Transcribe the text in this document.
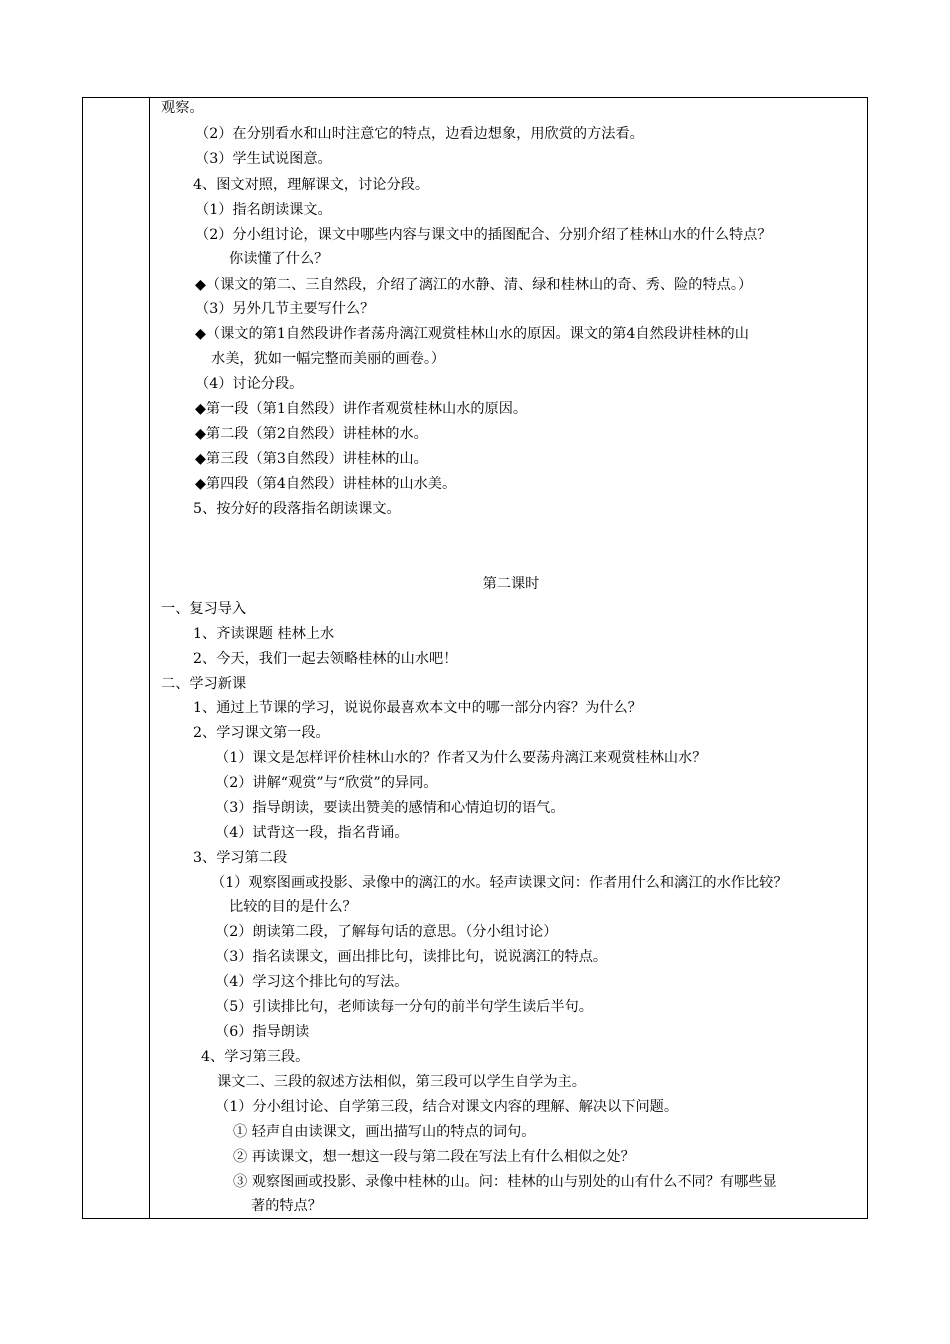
观察。
（2）在分别看水和山时注意它的特点，边看边想象，用欣赏的方法看。
（3）学生试说图意。
4、图文对照，理解课文，讨论分段。
（1）指名朗读课文。
（2）分小组讨论，课文中哪些内容与课文中的插图配合、分别介绍了桂林山水的什么特点？
你读懂了什么？
◆（课文的第二、三自然段，介绍了漓江的水静、清、绿和桂林山的奇、秀、险的特点。）
（3）另外几节主要写什么？
◆（课文的第1自然段讲作者荡舟漓江观赏桂林山水的原因。课文的第4自然段讲桂林的山
水美，犹如一幅完整而美丽的画卷。）
（4）讨论分段。
◆第一段（第1自然段）讲作者观赏桂林山水的原因。
◆第二段（第2自然段）讲桂林的水。
◆第三段（第3自然段）讲桂林的山。
◆第四段（第4自然段）讲桂林的山水美。
5、按分好的段落指名朗读课文。
第二课时
一、复习导入
1、齐读课题 桂林上水
2、今天，我们一起去领略桂林的山水吧！
二、学习新课
1、通过上节课的学习，说说你最喜欢本文中的哪一部分内容？为什么？
2、学习课文第一段。
（1）课文是怎样评价桂林山水的？作者又为什么要荡舟漓江来观赏桂林山水？
（2）讲解“观赏”与“欣赏”的异同。
（3）指导朗读，要读出赞美的感情和心情迫切的语气。
（4）试背这一段，指名背诵。
3、学习第二段
（1）观察图画或投影、录像中的漓江的水。轻声读课文问：作者用什么和漓江的水作比较？
比较的目的是什么？
（2）朗读第二段，了解每句话的意思。（分小组讨论）
（3）指名读课文，画出排比句，读排比句，说说漓江的特点。
（4）学习这个排比句的写法。
（5）引读排比句，老师读每一分句的前半句学生读后半句。
（6）指导朗读
4、学习第三段。
课文二、三段的叙述方法相似，第三段可以学生自学为主。
（1）分小组讨论、自学第三段，结合对课文内容的理解、解决以下问题。
① 轻声自由读课文，画出描写山的特点的词句。
② 再读课文，想一想这一段与第二段在写法上有什么相似之处？
③ 观察图画或投影、录像中桂林的山。问：桂林的山与别处的山有什么不同？有哪些显
著的特点？
